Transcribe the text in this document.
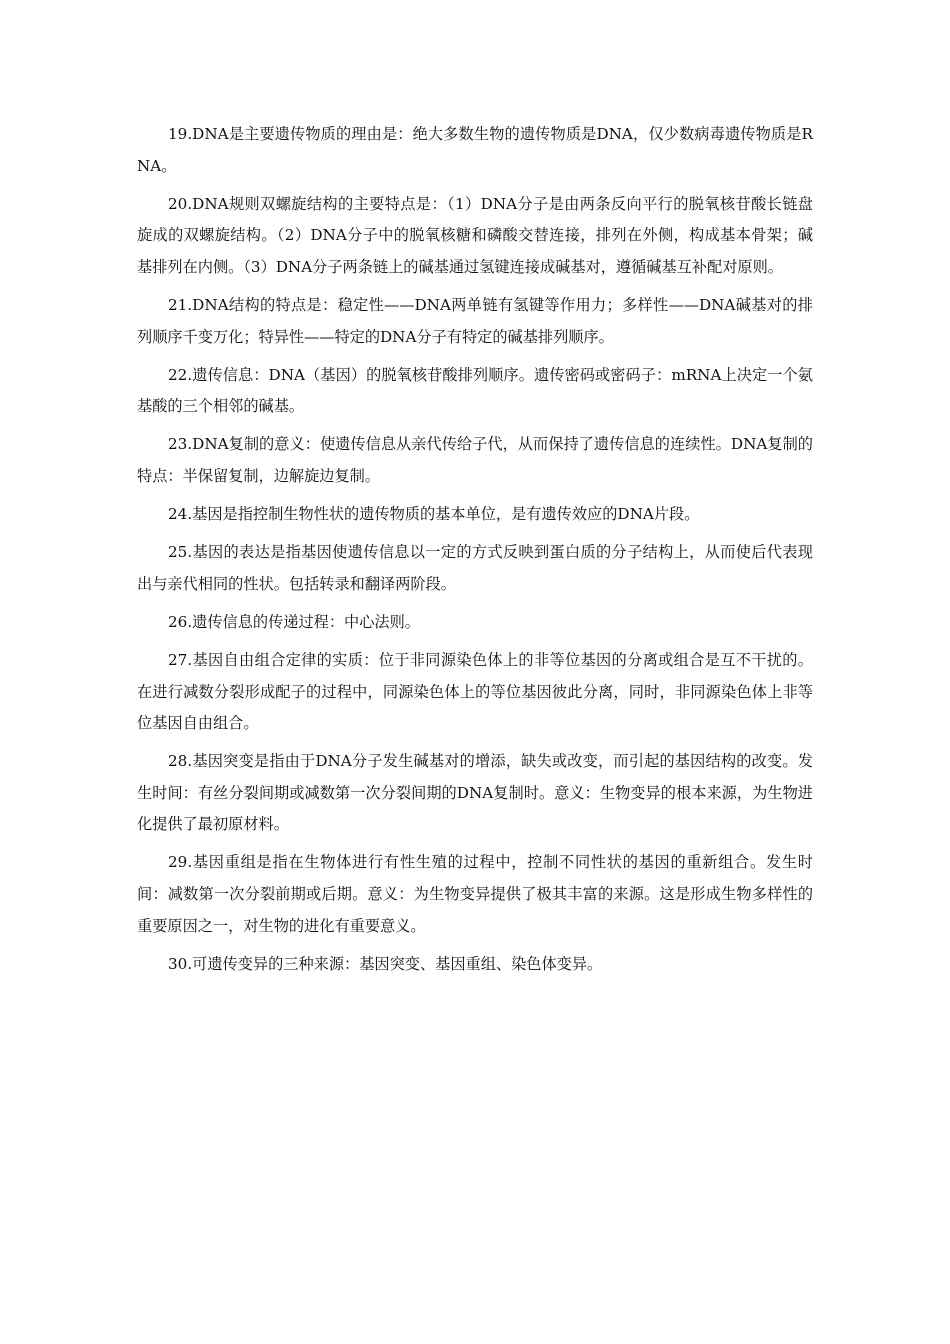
19.DNA是主要遗传物质的理由是：绝大多数生物的遗传物质是DNA，仅少数病毒遗传物质是RNA。

20.DNA规则双螺旋结构的主要特点是：（1）DNA分子是由两条反向平行的脱氧核苷酸长链盘旋成的双螺旋结构。（2）DNA分子中的脱氧核糖和磷酸交替连接，排列在外侧，构成基本骨架；碱基排列在内侧。（3）DNA分子两条链上的碱基通过氢键连接成碱基对，遵循碱基互补配对原则。

21.DNA结构的特点是：稳定性——DNA两单链有氢键等作用力；多样性——DNA碱基对的排列顺序千变万化；特异性——特定的DNA分子有特定的碱基排列顺序。

22.遗传信息：DNA（基因）的脱氧核苷酸排列顺序。遗传密码或密码子：mRNA上决定一个氨基酸的三个相邻的碱基。

23.DNA复制的意义：使遗传信息从亲代传给子代，从而保持了遗传信息的连续性。DNA复制的特点：半保留复制，边解旋边复制。

24.基因是指控制生物性状的遗传物质的基本单位，是有遗传效应的DNA片段。

25.基因的表达是指基因使遗传信息以一定的方式反映到蛋白质的分子结构上，从而使后代表现出与亲代相同的性状。包括转录和翻译两阶段。

26.遗传信息的传递过程：中心法则。

27.基因自由组合定律的实质：位于非同源染色体上的非等位基因的分离或组合是互不干扰的。在进行减数分裂形成配子的过程中，同源染色体上的等位基因彼此分离，同时，非同源染色体上非等位基因自由组合。

28.基因突变是指由于DNA分子发生碱基对的增添，缺失或改变，而引起的基因结构的改变。发生时间：有丝分裂间期或减数第一次分裂间期的DNA复制时。意义：生物变异的根本来源，为生物进化提供了最初原材料。

29.基因重组是指在生物体进行有性生殖的过程中，控制不同性状的基因的重新组合。发生时间：减数第一次分裂前期或后期。意义：为生物变异提供了极其丰富的来源。这是形成生物多样性的重要原因之一，对生物的进化有重要意义。

30.可遗传变异的三种来源：基因突变、基因重组、染色体变异。
